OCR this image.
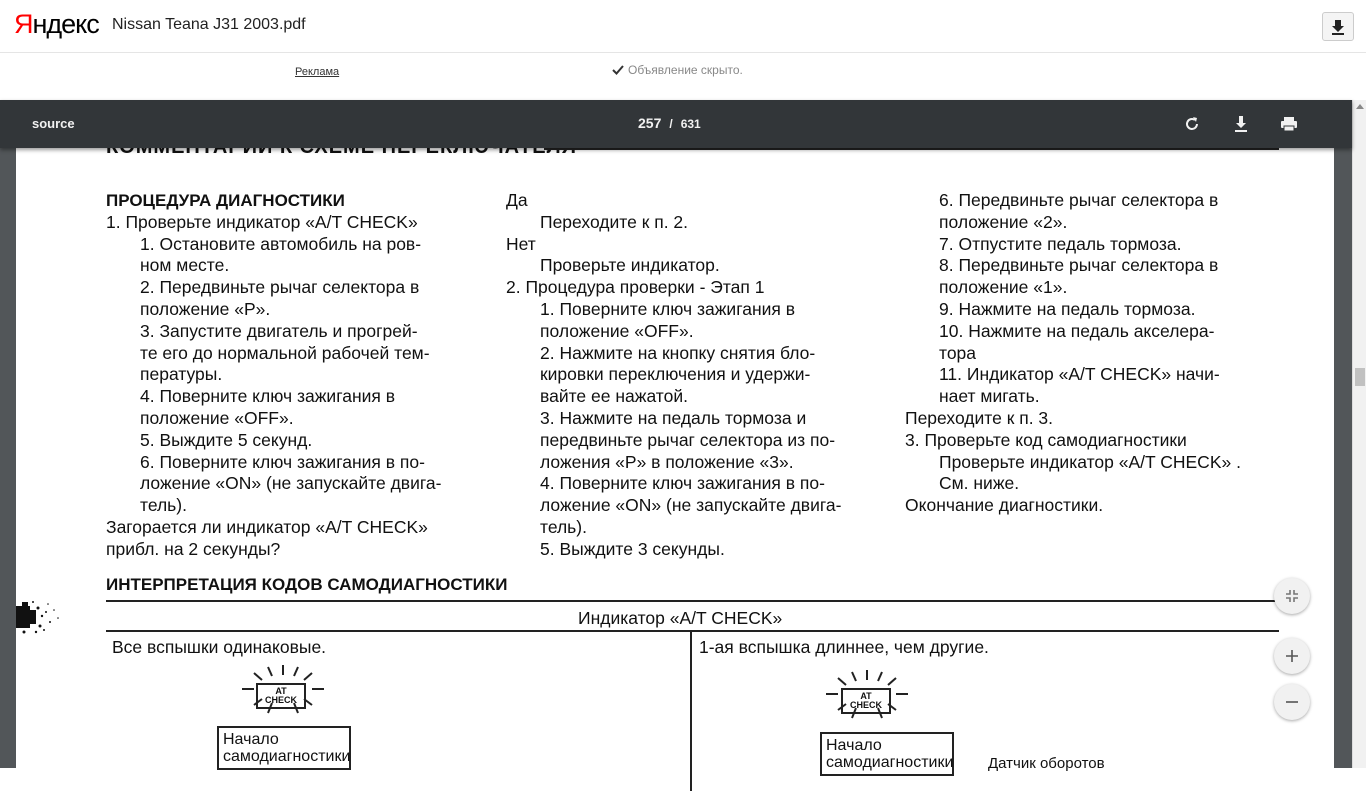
Яндекс Nissan Teana J31 2003.pdf
Реклама	Объявление скрыто.
source	257 / 631
ПРОЦЕДУРА ДИАГНОСТИКИ
1. Проверьте индикатор «A/T CHECK»
1. Остановите автомобиль на ров-
ном месте.
2. Передвиньте рычаг селектора в
положение «P».
3. Запустите двигатель и прогрей-
те его до нормальной рабочей тем-
пературы.
4. Поверните ключ зажигания в
положение «OFF».
5. Выждите 5 секунд.
6. Поверните ключ зажигания в по-
ложение «ON» (не запускайте двига-
тель).
Загорается ли индикатор «A/T CHECK»
прибл. на 2 секунды?
Да
Переходите к п. 2.
Нет
Проверьте индикатор.
2. Процедура проверки - Этап 1
1. Поверните ключ зажигания в
положение «OFF».
2. Нажмите на кнопку снятия бло-
кировки переключения и удержи-
вайте ее нажатой.
3. Нажмите на педаль тормоза и
передвиньте рычаг селектора из по-
ложения «P» в положение «3».
4. Поверните ключ зажигания в по-
ложение «ON» (не запускайте двига-
тель).
5. Выждите 3 секунды.
6. Передвиньте рычаг селектора в
положение «2».
7. Отпустите педаль тормоза.
8. Передвиньте рычаг селектора в
положение «1».
9. Нажмите на педаль тормоза.
10. Нажмите на педаль акселера-
тора
11. Индикатор «A/T CHECK» начи-
нает мигать.
Переходите к п. 3.
3. Проверьте код самодиагностики
Проверьте индикатор «A/T CHECK» .
См. ниже.
Окончание диагностики.
ИНТЕРПРЕТАЦИЯ КОДОВ САМОДИАГНОСТИКИ
Индикатор «A/T CHECK»
Все вспышки одинаковые.	1-ая вспышка длиннее, чем другие.
AT
CHECK
Начало
самодиагностики
AT
CHECK
Начало
самодиагностики Датчик оборотов
